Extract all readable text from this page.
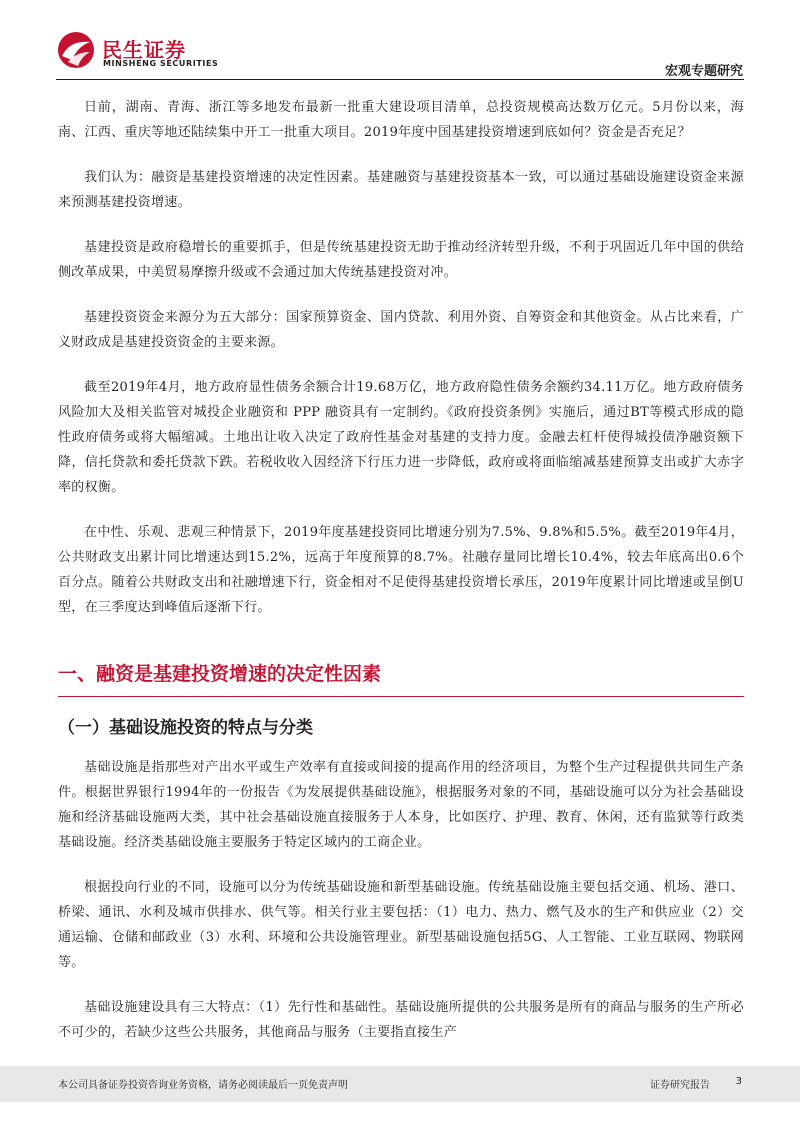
民生证券
MINSHENG SECURITIES
宏观专题研究

日前，湖南、青海、浙江等多地发布最新一批重大建设项目清单，总投资规模高达数万亿元。5月份以来，海南、江西、重庆等地还陆续集中开工一批重大项目。2019年度中国基建投资增速到底如何？资金是否充足？

我们认为：融资是基建投资增速的决定性因素。基建融资与基建投资基本一致，可以通过基础设施建设资金来源来预测基建投资增速。

基建投资是政府稳增长的重要抓手，但是传统基建投资无助于推动经济转型升级，不利于巩固近几年中国的供给侧改革成果，中美贸易摩擦升级或不会通过加大传统基建投资对冲。

基建投资资金来源分为五大部分：国家预算资金、国内贷款、利用外资、自筹资金和其他资金。从占比来看，广义财政成是基建投资资金的主要来源。

截至2019年4月，地方政府显性债务余额合计19.68万亿，地方政府隐性债务余额约34.11万亿。地方政府债务风险加大及相关监管对城投企业融资和 PPP 融资具有一定制约。《政府投资条例》实施后，通过BT等模式形成的隐性政府债务或将大幅缩减。土地出让收入决定了政府性基金对基建的支持力度。金融去杠杆使得城投债净融资额下降，信托贷款和委托贷款下跌。若税收收入因经济下行压力进一步降低，政府或将面临缩减基建预算支出或扩大赤字率的权衡。

在中性、乐观、悲观三种情景下，2019年度基建投资同比增速分别为7.5%、9.8%和5.5%。截至2019年4月，公共财政支出累计同比增速达到15.2%，远高于年度预算的8.7%。社融存量同比增长10.4%，较去年底高出0.6个百分点。随着公共财政支出和社融增速下行，资金相对不足使得基建投资增长承压，2019年度累计同比增速或呈倒U型，在三季度达到峰值后逐渐下行。

一、融资是基建投资增速的决定性因素
（一）基础设施投资的特点与分类

基础设施是指那些对产出水平或生产效率有直接或间接的提高作用的经济项目，为整个生产过程提供共同生产条件。根据世界银行1994年的一份报告《为发展提供基础设施》，根据服务对象的不同，基础设施可以分为社会基础设施和经济基础设施两大类，其中社会基础设施直接服务于人本身，比如医疗、护理、教育、休闲，还有监狱等行政类基础设施。经济类基础设施主要服务于特定区域内的工商企业。

根据投向行业的不同，设施可以分为传统基础设施和新型基础设施。传统基础设施主要包括交通、机场、港口、桥梁、通讯、水利及城市供排水、供气等。相关行业主要包括：（1）电力、热力、燃气及水的生产和供应业（2）交通运输、仓储和邮政业（3）水利、环境和公共设施管理业。新型基础设施包括5G、人工智能、工业互联网、物联网等。

基础设施建设具有三大特点：（1）先行性和基础性。基础设施所提供的公共服务是所有的商品与服务的生产所必不可少的，若缺少这些公共服务，其他商品与服务（主要指直接生产

本公司具备证券投资咨询业务资格，请务必阅读最后一页免责声明	证券研究报告	3
